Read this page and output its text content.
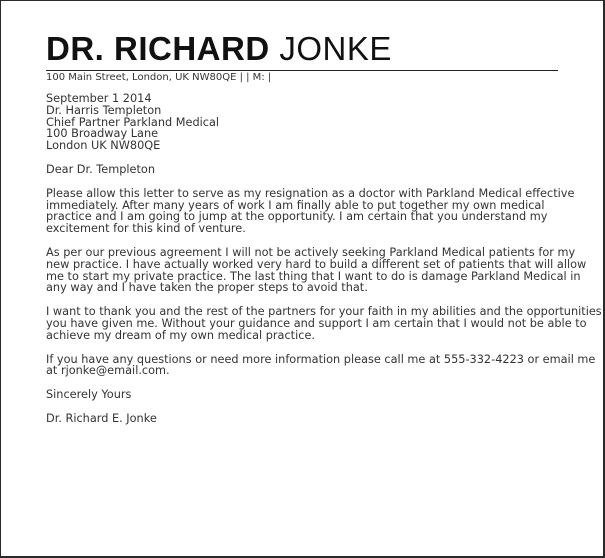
DR. RICHARD JONKE
100 Main Street, London, UK NW80QE | | M: |
September 1 2014
Dr. Harris Templeton
Chief Partner Parkland Medical
100 Broadway Lane
London UK NW80QE
Dear Dr. Templeton
Please allow this letter to serve as my resignation as a doctor with Parkland Medical effective
immediately. After many years of work I am finally able to put together my own medical
practice and I am going to jump at the opportunity. I am certain that you understand my
excitement for this kind of venture.
As per our previous agreement I will not be actively seeking Parkland Medical patients for my
new practice. I have actually worked very hard to build a different set of patients that will allow
me to start my private practice. The last thing that I want to do is damage Parkland Medical in
any way and I have taken the proper steps to avoid that.
I want to thank you and the rest of the partners for your faith in my abilities and the opportunities
you have given me. Without your guidance and support I am certain that I would not be able to
achieve my dream of my own medical practice.
If you have any questions or need more information please call me at 555-332-4223 or email me
at rjonke@email.com.
Sincerely Yours
Dr. Richard E. Jonke
